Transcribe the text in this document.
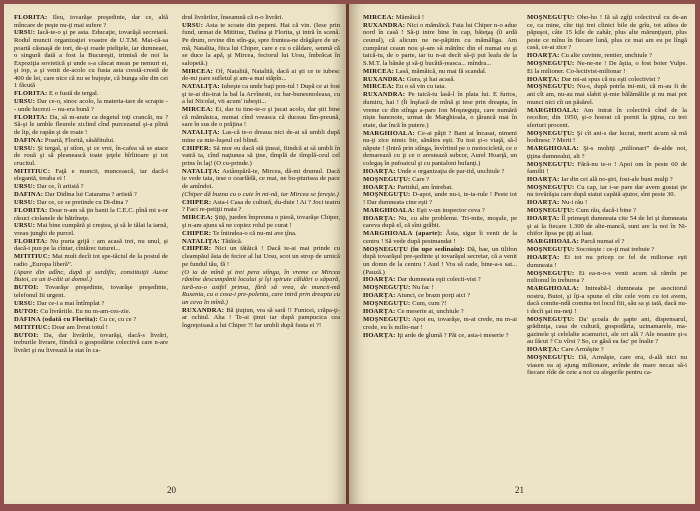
FLORITA: Ileu, tovarăşe preşedinte, dar ce, altă mîncare de peşte nu-ţi mai sufere ?

URSU: Iacă-te-o şi pe asta. Educaţie, tovarăşă secretară. Rodul muncii organizaţiei voastre de U.T.M. Mai-că-sa poartă căsnaşă de tort, de-şi roade pieliţele, iar dumneaei, o singură dată a fost la Bucureşti, trimisă de noi la Expoziţia sovietică şi unde s-a căscat mean pe nemuri ei, şi iop, a şi venit de-acolo cu fusta asta crestă-crestă de 400 de lei, care nice că nu se bujeşte, că bunga sîte din cei 1 făcută

FLORITA: E o fustă de tergal.

URSU: Dar ce-o, sinoc acolo, la materia-tare de scrapie -- unde lucrezi -- nu-era bună ?

FLORITA: Da, să m-arate ca degetul toţi crancăi, nu ? Să-şi le umble fleurele ziclind cînd purcezanul şi-a plină de lip, de rapăn şi de roate !

DAFINA: Poartă, Florită, săsăfitului.

URSU: Şi tergal, şi stîon, şi ce vrei, în-cafea să se atace de rouă şi să plesnească toate ţeţele bîrlitoare şi tot crucitul.

MITITIUC: Faţă e muncii, muncească, iar dacă-i elegantă, treaba ei !

URSU: Dar ce, îi artistă ?

DAFINA: Dar Didina lui Catarama ? artistă ?

URSU: Dar ce, ce se pretinde cu Di-dina ?

FLORITA: Doar n-am să ţin banii la C.E.C. pînă mi s-or răsuci ciolanele de bătrîneţe.

URSU: Mai bine cumpără şi creştea, şi să le tălai la iarnă, vreau junghi de purcel.

FLORITA: Nu purta grijă : am acasă trei, nu unul, şi dacă-i pun pe la cîntar, cîntărec tuturei...

MITITIUC: Mai mult decît tot spe-tăciul de la postul de radio „Europa liberă”.

(Apare din adînc, după şi surdific, constituiţii Autoc Butoi, ce un ti-căit ai domol.)

BUTOI: Tovarăşe preşedinte, tovarăşe preşedinte, telefonul Iii urgent.

URSU: Dar ce-i a mai întîmplat ?

BUTOI: Cu livrăriile. Eu nu m-am-ces-zie.

DAFINA (odată cu Florita): Cu ce, cu ce ?

MITITIUC: Doar am livrat totul !

BUTOI: Da, dar livrările, tovarăşi, dacă-s livrări, treburile livrare, fiindcă o gospodărie colectivă care n-are livrări şi nu livrează la stat în ca-

drul livrărilor, înseamnă că n-o livrări.

URSU: Asta te scoate din pepeni. Hai că vin. (Iese prin fund, urmat de Mititiuc, Dafina şi Florita, şi intră în scenă. Pe drum, revine din stîn-ga, spre fruntea-ne drăgăşre de ur-mă, Natalita, fiica lui Chiper, care e cu o căldare, senmă că se duce la apă, şi Mircea, feciorul lui Ursu, îmbrăcat în salopetă.)

MIRCEA: Of, Natalită, Natalită, dacă ai şti ce te iubesc de-mi pare sufletul şi am-a mai stăpîn...

NATALIŢA: Iubeşte ca unde baţi pon-tul ! După ce ai fost şi te-ai dis-trat la bal la Arvînesti, cu bar-bunesmoleasa, cu a lui Nicolai, vii acum' iubeşti...

MIRCEA: Ei, dar tu tine-te-o şi jucat acolo, dar ştii bine că mămăsica, numai cînd vreasca că duceau lîm-preună, sare în sus de o prăjina !

NATALIŢA: Las-că te-o dreaua nici de-ai să umbli după mine ca mie-luşeul cel blind.

CHIPER: Să mor eu dacă stă ţineai, fiindcă ai să umbli în vatră ta, cînd naţiunea să ţine, tîmplă de tîmplă-ceul cel prins în laţ! (O cu-prinde.)

NATALIŢA: Astâmpără-te, Mircea, dă-mi drumul. Dacă te vede tata, iese o cearfădă, ce mai, ne bu-pturisea de pace de amîndoi.

(Chiper dă buzna cu o cuie în mi-nă, iar Mircea se fereşte.)

CHIPER: Asta-i Casa de cultură, du-duie ! Ai ? Joci teatru ? Faci re-petiţii mata ?

MIRCEA: Ştiţi, jueden împreuna o piesă, tovarăşe Chiper, şi n-am ajuns să ne copiez rolul pe curat !

CHIPER: Te întindea-o că nu-mi ave ţîna.

NATALIŢA: Tătăică.

CHIPER: Nici un tătăică ! Dacă te-ai mai prinde cu cleampăul ăsta de fecior al lui Ursu, scot un strop de urnică pe fundul tău, fă !

(O ia de mînă şi trei pera stînga, în vreme ce Mircea rămîne descumpănit locului şi îşi spiruie căldări o săpară, iară-ea-o astfel prinsa, fără să vrea, de muncii-mă Ruxenia, cu o cosa-i pre-polenta, care intră prin dreapta cu un ceva în mînă.)

RUXANDRA: Bă ţiuţiun, vra să sară !! Funicei, crăpa-ţi-ar ochiul. Aha ! Te-ai ţinut iar după pampucica cea îngreţoisasă a lui Chiper ?! Iar umbli după fusta ei ?!

20

MIRCEA: Mămăică !

RUXANDRA: Nici o mămăică. Fata lui Chiper n-o adue nord în casă ! Să-ţi intre bine în cap, băieţaş (îi ardă ceunul), că alicum ne ne-păţitim cu mămăliga. Am cumpărat ceaun nou şi-am să mănînc din el numai eu şi taică-tu, de o parte, iar tu n-ai decît să-ţi pui leafa de la S.M.T. la bănăe şi să-ţi bucătă-reasca... mîndra...

MIRCEA: Lasă, mămăică, nu mai fă scandal.

RUXANDRA: Gura, şi hai acasă.

MIRCEA: Eu o să vin cu tata.

RUXANDRA: Pe taică-tu lasă-l în plata lui. E furios, dumiru, hai ! (Îi înşfacă de mînă şi iese prin dreapta, în vreme ce din stînga a-pare Ion Moşneguţu, care numără niște bancnote, urmat de Marghioala, o ţărancă mai în etate, dar încă în putere.)

MARGHIOALA: Ce-ai păţit ? Bani ai încasat, nimeni nu-ţi zice nimic bir, sănătos eşti. Tu trai şi-o viaţă, să-l năpute ! (Intră prin stînga, învîrtind pe o motocicletă, ce o demarează cu ţi ce o arestează subcor, Aurel Hoarţă, un colegaş în pufoaicul şi cu pantaloni bufanţi.)

HOARŢA: Unde e organizaţia de par-tid, unchiule ?

MOŞNEGUŢU: Care ?

HOARŢA: Partidul, am întrebat.

MOŞNEGUŢU: D-apoi, unde nu-i, te-ta-rule ! Peste tot ! Dar dumneata cine eşti ?

MARGHIOALA: Eşti v-un inspector ceva ?

HOARŢA: Nu, cu alte probleme. Tri-mite, moşule, pe careva după el, că sînt grăbit.

MARGHIOALA (aparte): Ăsta, sigur îi venit de la centru ! Să vede după pestmandat !

MOŞNEGUŢU (în upe sedinaiu): Dă, bae, un tilifon după tovarăşul pre-şedinte şi tovarăşul secretar, că a venit un domn de la centru ! Aud ! Vra să cade, bine-a-s sat... (Pauză.)

HOARŢA: Dar dumneata eşti colecti-vist ?

MOŞNEGUŢU: Nu fac !

HOARŢA: Atunci, ce brazn porţi aici ?

MOŞNEGUŢU: Cum, cum ?!

HOARŢA: Ce meserie ai, unchiule ?

MOŞNEGUŢU: Apoi eu, tovarăşe, m-ai crede, nu m-ai crede, eu îs milio-nar !

HOARŢA: Iţi arde de glumă ? Păi ce, asta-i meserie ?

MOŞNEGUŢU: Oho-ho ! Iă să zgîţi colectivul cu de-an ce, ca mine, cîte tişi trei cîinici bile de grîu, tot atîtea de păpuşoi, câte 15 kile de zahăr, plus alte mărunţişuri, plus peste ce mînu în fiecare lună, plus ce mai am eu pe lîngă casă, ce-ai zice ?

HOARŢA: Cu alte cuvinte, rentier, unchiule ?

MOŞNEGUŢU: Ne-ne-ne ! De ăştia, o fost boier Vulpe. Ei la milioner. Co-lectivist-milionar !

HOARŢA: Dar mi-ai spus că nu eşti colectivist ?

MOŞNEGUŢU: Nu-s, după potrla ini-mii, că m-au fi de ani cît am, nu-au mai slabit şi-mie bălămălile şi nu mai pot munci nici cît un păsărel.

MARGHIOALA: Am intrat în colectivă cînd de la recoltor, din 1950, şi-o hoerat că pornit la ţiţina, cu trei sferturi procent.

MOŞNEGUŢU: Şi cît ani-s dar lucrat, merit acum să mă hodinesc ? Merit !

MARGHIOALA: Şi-s mohiţi „milionari” de-alde noi, ţiţina dumnealui, alt ?

MOŞNEGUŢU: Fără-nu te-o ! Apoi om în peste 60 de familii !

HOARŢA: Iar din cei ală no-ştri, fost-ale buni mulţi ?

MOŞNEGUŢU: Cu cap, iar i-se pare dar avem gustat ţie nu tovărăşia care după statut capătă ajutor, sînt peste 30.

HOARŢA: Nu-i rău !

MOŞNEGUŢU: Cum rău, dacă-i bine ?

HOARŢA: Îl primeşti dumneata cite 54 de lei şi dumneata şi ai la fiecare 1.300 de alte-mancă, sunt are la noi în Ni-chifor lipsa pe ţiţi ai luat.

MARGHIOALA: Parcă numai el ?

MOŞNEGUŢU: Socoteşte : ce-ţi mai trebuie ?

HOARŢA: Ei tot nu pricep ce fel de milionar eşti dumneata !

MOŞNEGUŢU: Ei ea-n-o-s venit acum să rămîn pe milionul în treburea ?

MARGHIOALA: Intreabă-l dumneata pe asocitorul nostru, Butoi, şi îţi-a spune el cîte cele vom cu tot avem, dacă comite-ndă comina tot locul fiii, sâu sa şi iată, dacă nu-i decît şai nu-neţi !

MOŞNEGUŢU: Da' şcoala de şapte ani, dispensarul, grădiniţa, casa de cultură, gospodăria, uzinamarele, ma-gazinele şi celelalte scamurici, ale ori ală ? Ale noastre şi-s au făcut ? Cu vîrst ? So, ce găsă ea fac' pe înalte ?

HOARŢA: Care Armăşite ?

MOŞNEGUŢU: Dă, Armăşte, care era, d-ală nici nu viasen ea aj ajung milionare, avînde de mare necaz să-i fiecare rîde de ceie a noi cu alegerile pentru ca-

21
